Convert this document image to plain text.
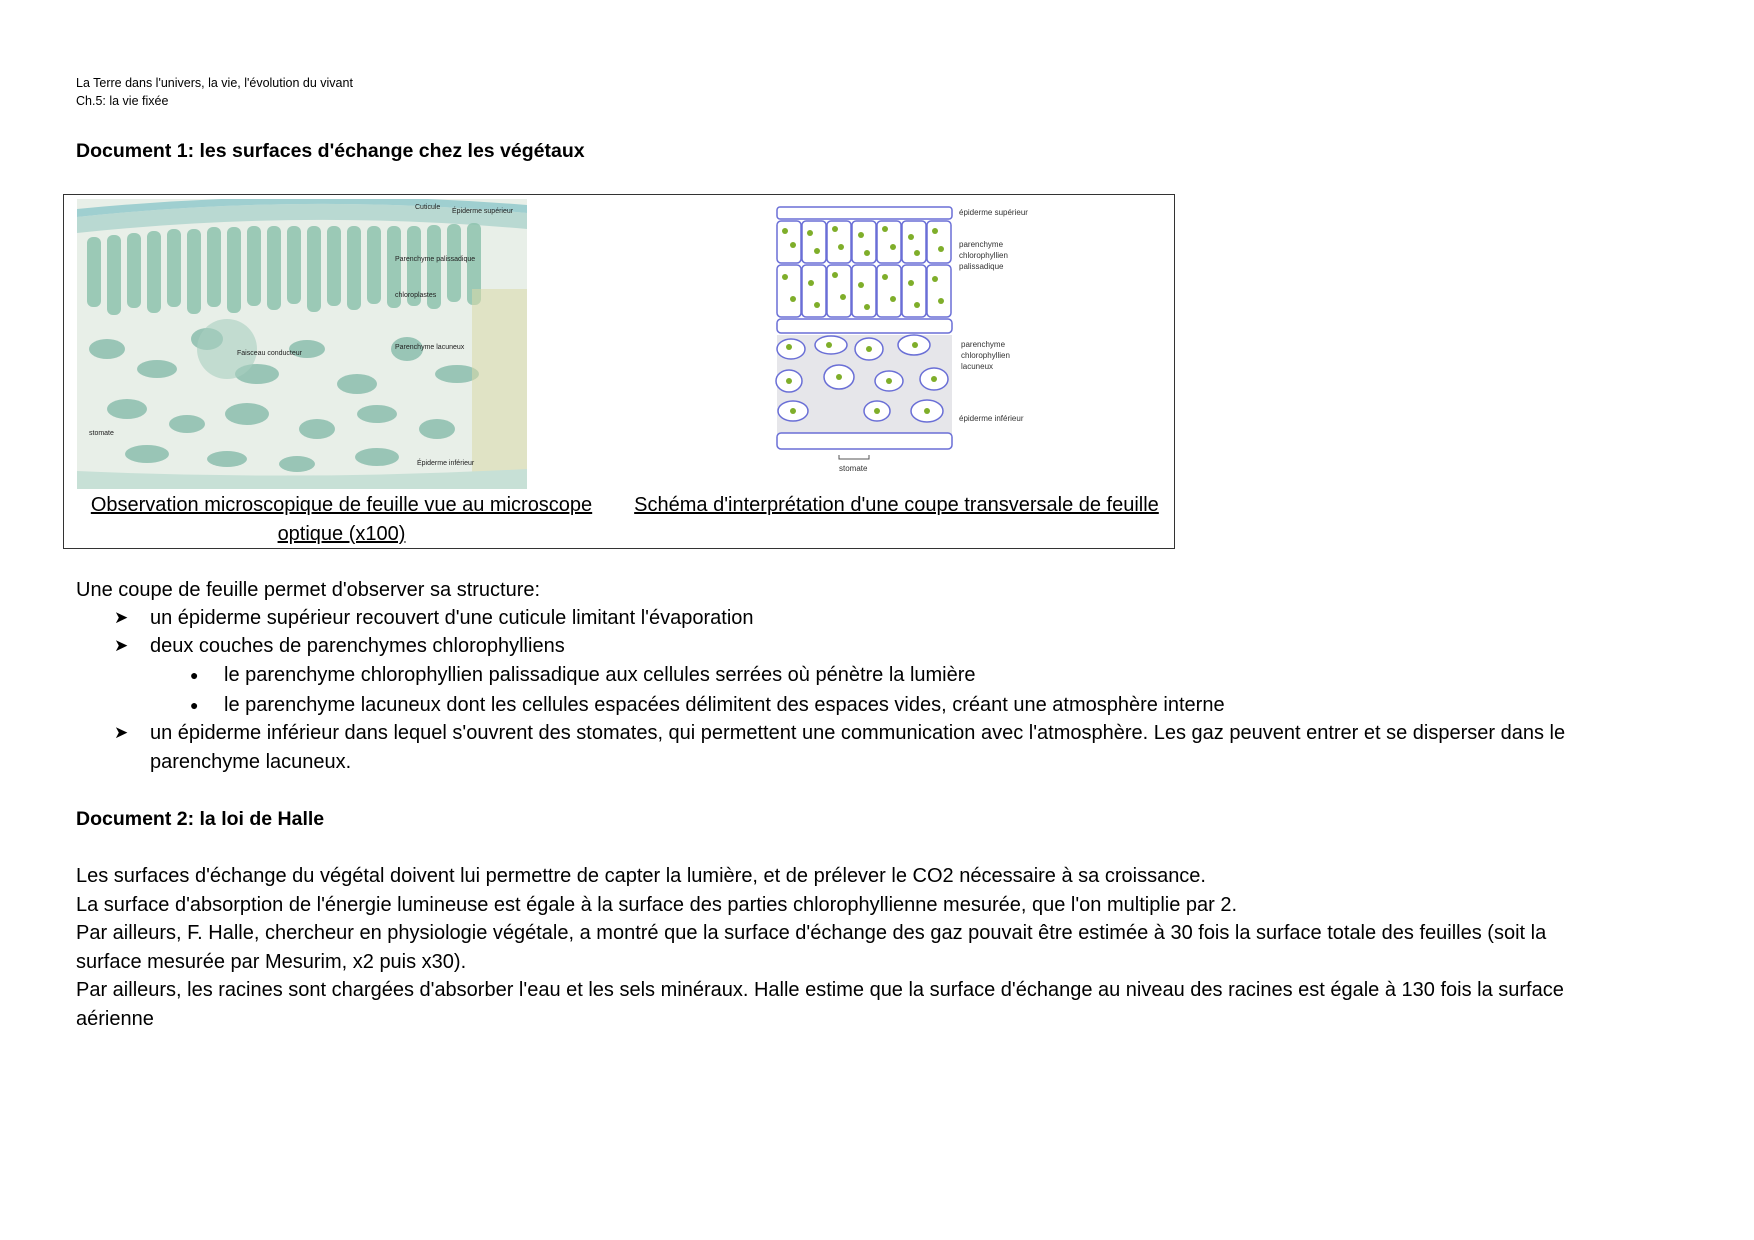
La Terre dans l'univers, la vie, l'évolution du vivant
Ch.5: la vie fixée
Document 1: les surfaces d'échange chez les végétaux
Cuticule
Épiderme supérieur
Parenchyme palissadique
chloroplastes
Faisceau conducteur
Parenchyme lacuneux
stomate
Épiderme inférieur
Observation microscopique de feuille vue au microscope optique (x100)
épiderme supérieur
parenchyme
chlorophyllien
palissadique
parenchyme
chlorophyllien
lacuneux
épiderme inférieur
stomate
Schéma d'interprétation d'une coupe transversale de feuille
Une coupe de feuille permet d'observer sa structure:
➤ un épiderme supérieur recouvert d'une cuticule limitant l'évaporation
➤ deux couches de parenchymes chlorophylliens
● le parenchyme chlorophyllien palissadique aux cellules serrées où pénètre la lumière
● le parenchyme lacuneux dont les cellules espacées délimitent des espaces vides, créant une atmosphère interne
➤ un épiderme inférieur dans lequel s'ouvrent des stomates, qui permettent une communication avec l'atmosphère. Les gaz peuvent entrer et se disperser dans le
parenchyme lacuneux.
Document 2: la loi de Halle

Les surfaces d'échange du végétal doivent lui permettre de capter la lumière, et de prélever le CO2 nécessaire à sa croissance.

La surface d'absorption de l'énergie lumineuse est égale à la surface des parties chlorophyllienne mesurée, que l'on multiplie par 2.

Par ailleurs, F. Halle, chercheur en physiologie végétale, a montré que la surface d'échange des gaz pouvait être estimée à 30 fois la surface totale des feuilles (soit la

surface mesurée par Mesurim, x2 puis x30).

Par ailleurs, les racines sont chargées d'absorber l'eau et les sels minéraux. Halle estime que la surface d'échange au niveau des racines est égale à 130 fois la surface

aérienne
